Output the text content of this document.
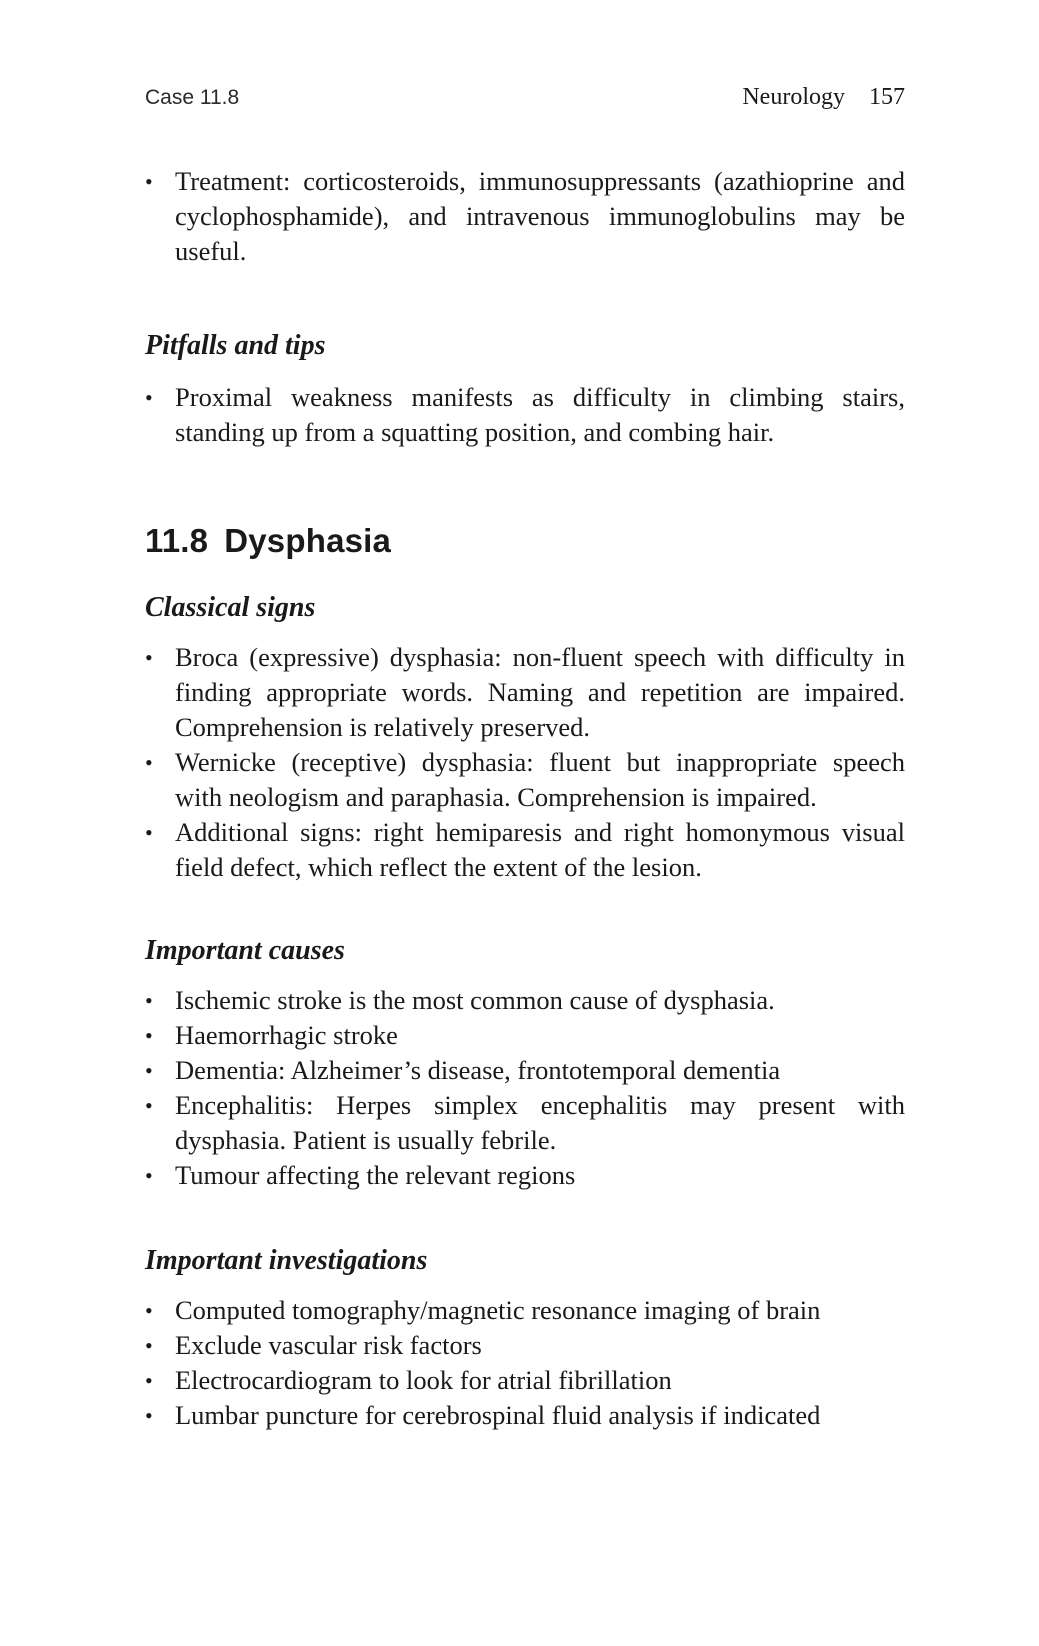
Case 11.8	Neurology 157
• Treatment: corticosteroids, immunosuppressants (azathioprine and cyclophosphamide), and intravenous immunoglobulins may be useful.
Pitfalls and tips
• Proximal weakness manifests as difficulty in climbing stairs, standing up from a squatting position, and combing hair.
11.8 Dysphasia
Classical signs
• Broca (expressive) dysphasia: non-fluent speech with difficulty in finding appropriate words. Naming and repetition are impaired. Comprehension is relatively preserved.
• Wernicke (receptive) dysphasia: fluent but inappropriate speech with neologism and paraphasia. Comprehension is impaired.
• Additional signs: right hemiparesis and right homonymous visual field defect, which reflect the extent of the lesion.
Important causes
• Ischemic stroke is the most common cause of dysphasia.
• Haemorrhagic stroke
• Dementia: Alzheimer’s disease, frontotemporal dementia
• Encephalitis: Herpes simplex encephalitis may present with dysphasia. Patient is usually febrile.
• Tumour affecting the relevant regions
Important investigations
• Computed tomography/magnetic resonance imaging of brain
• Exclude vascular risk factors
• Electrocardiogram to look for atrial fibrillation
• Lumbar puncture for cerebrospinal fluid analysis if indicated
